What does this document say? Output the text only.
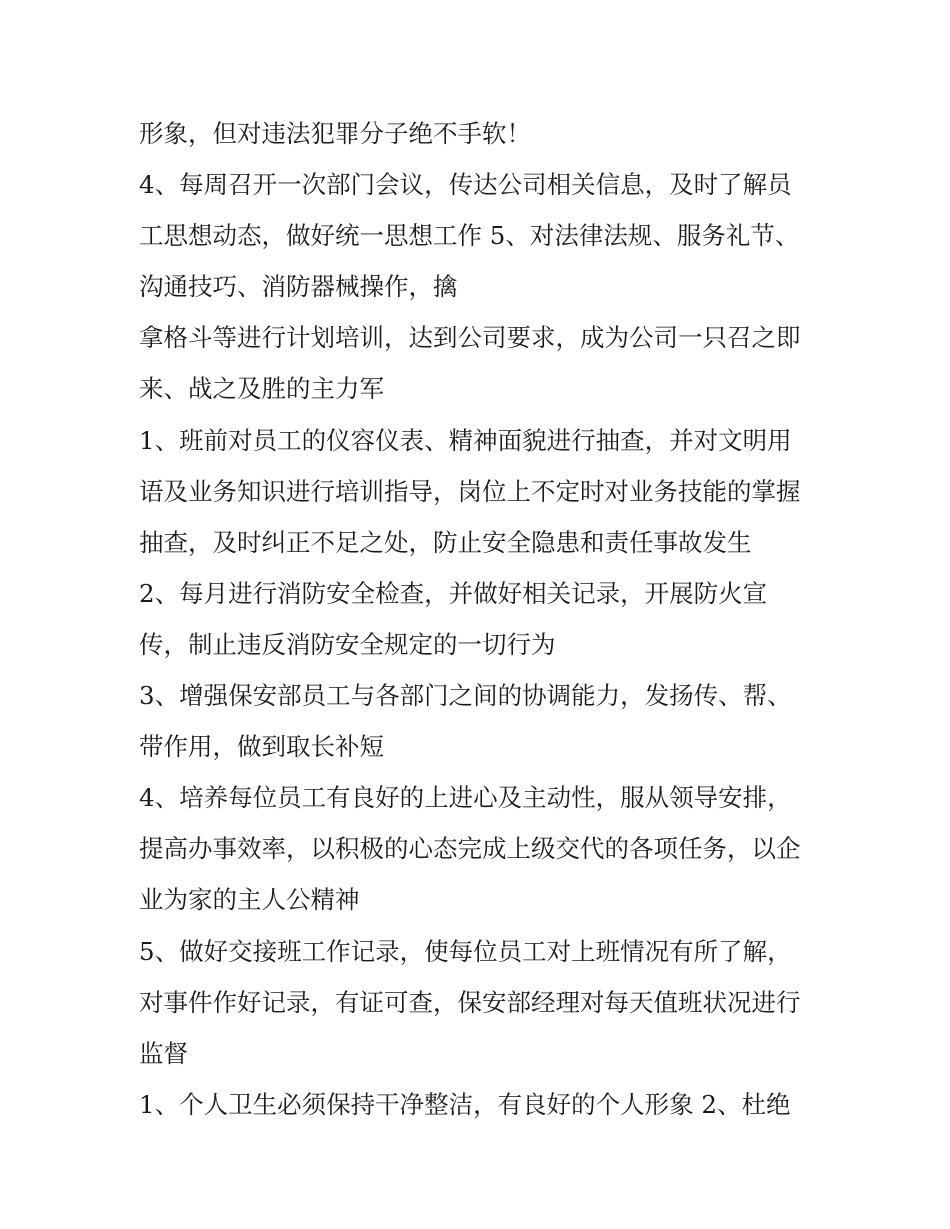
形象，但对违法犯罪分子绝不手软！
4、每周召开一次部门会议，传达公司相关信息，及时了解员
工思想动态，做好统一思想工作 5、对法律法规、服务礼节、
沟通技巧、消防器械操作，擒
拿格斗等进行计划培训，达到公司要求，成为公司一只召之即
来、战之及胜的主力军
1、班前对员工的仪容仪表、精神面貌进行抽查，并对文明用
语及业务知识进行培训指导，岗位上不定时对业务技能的掌握
抽查，及时纠正不足之处，防止安全隐患和责任事故发生
2、每月进行消防安全检查，并做好相关记录，开展防火宣
传，制止违反消防安全规定的一切行为
3、增强保安部员工与各部门之间的协调能力，发扬传、帮、
带作用，做到取长补短
4、培养每位员工有良好的上进心及主动性，服从领导安排，
提高办事效率，以积极的心态完成上级交代的各项任务，以企
业为家的主人公精神
5、做好交接班工作记录，使每位员工对上班情况有所了解，
对事件作好记录，有证可查，保安部经理对每天值班状况进行
监督
1、个人卫生必须保持干净整洁，有良好的个人形象 2、杜绝
